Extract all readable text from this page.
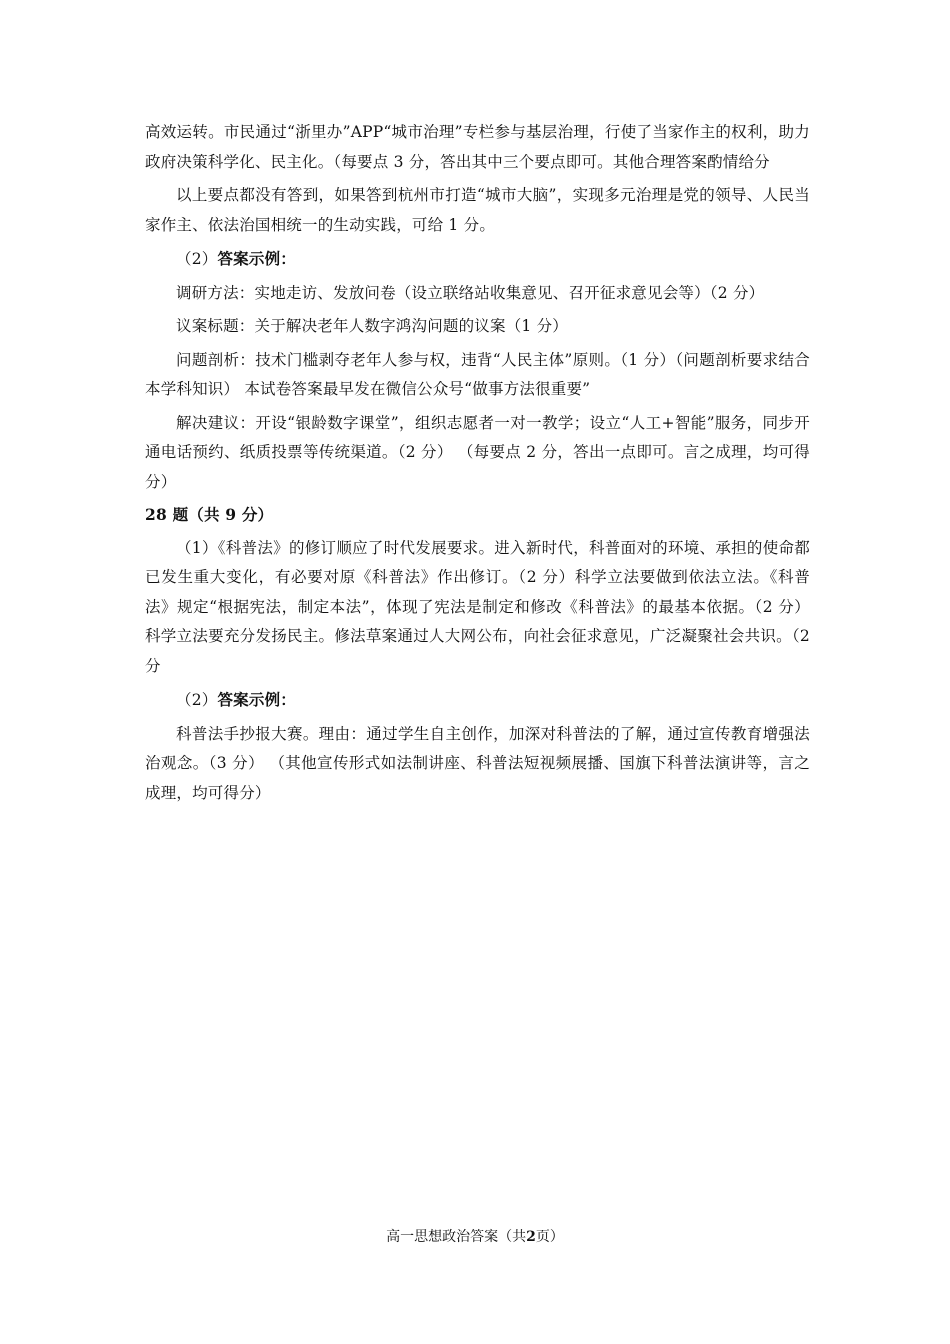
高效运转。市民通过“浙里办”APP“城市治理”专栏参与基层治理，行使了当家作主的权利，助力政府决策科学化、民主化。（每要点 3 分，答出其中三个要点即可。其他合理答案酌情给分

以上要点都没有答到，如果答到杭州市打造“城市大脑”，实现多元治理是党的领导、人民当家作主、依法治国相统一的生动实践，可给 1 分。

（2）答案示例：

调研方法：实地走访、发放问卷（设立联络站收集意见、召开征求意见会等）（2 分）

议案标题：关于解决老年人数字鸿沟问题的议案（1 分）

问题剖析：技术门槛剥夺老年人参与权，违背“人民主体”原则。（1 分）（问题剖析要求结合本学科知识） 本试卷答案最早发在微信公众号“做事方法很重要”

解决建议：开设“银龄数字课堂”，组织志愿者一对一教学；设立“人工+智能”服务，同步开通电话预约、纸质投票等传统渠道。（2 分） （每要点 2 分，答出一点即可。言之成理，均可得分）

28 题（共 9 分）

（1）《科普法》的修订顺应了时代发展要求。进入新时代，科普面对的环境、承担的使命都已发生重大变化，有必要对原《科普法》作出修订。（2 分）科学立法要做到依法立法。《科普法》规定“根据宪法，制定本法”，体现了宪法是制定和修改《科普法》的最基本依据。（2 分）科学立法要充分发扬民主。修法草案通过人大网公布，向社会征求意见，广泛凝聚社会共识。（2 分

（2）答案示例：

科普法手抄报大赛。理由：通过学生自主创作，加深对科普法的了解，通过宣传教育增强法治观念。（3 分） （其他宣传形式如法制讲座、科普法短视频展播、国旗下科普法演讲等，言之成理，均可得分）

高一思想政治答案（共2页）
